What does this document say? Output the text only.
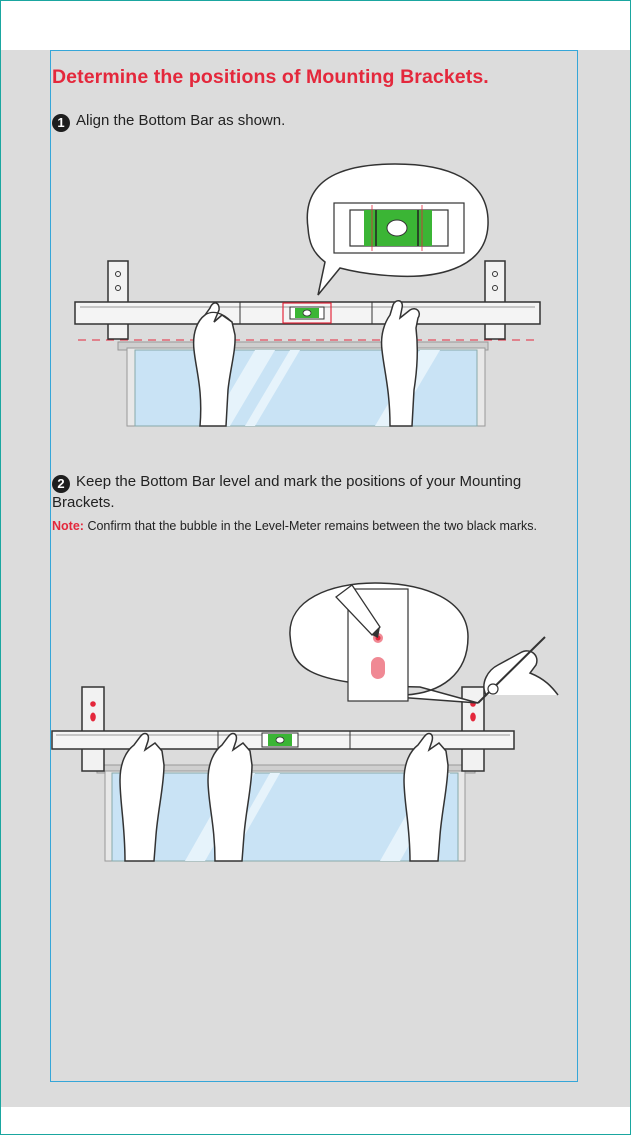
Determine the positions of Mounting Brackets.
1 Align the Bottom Bar as shown.
2 Keep the Bottom Bar level and mark the positions of your Mounting Brackets.
Note: Confirm that the bubble in the Level-Meter remains between the two black marks.
